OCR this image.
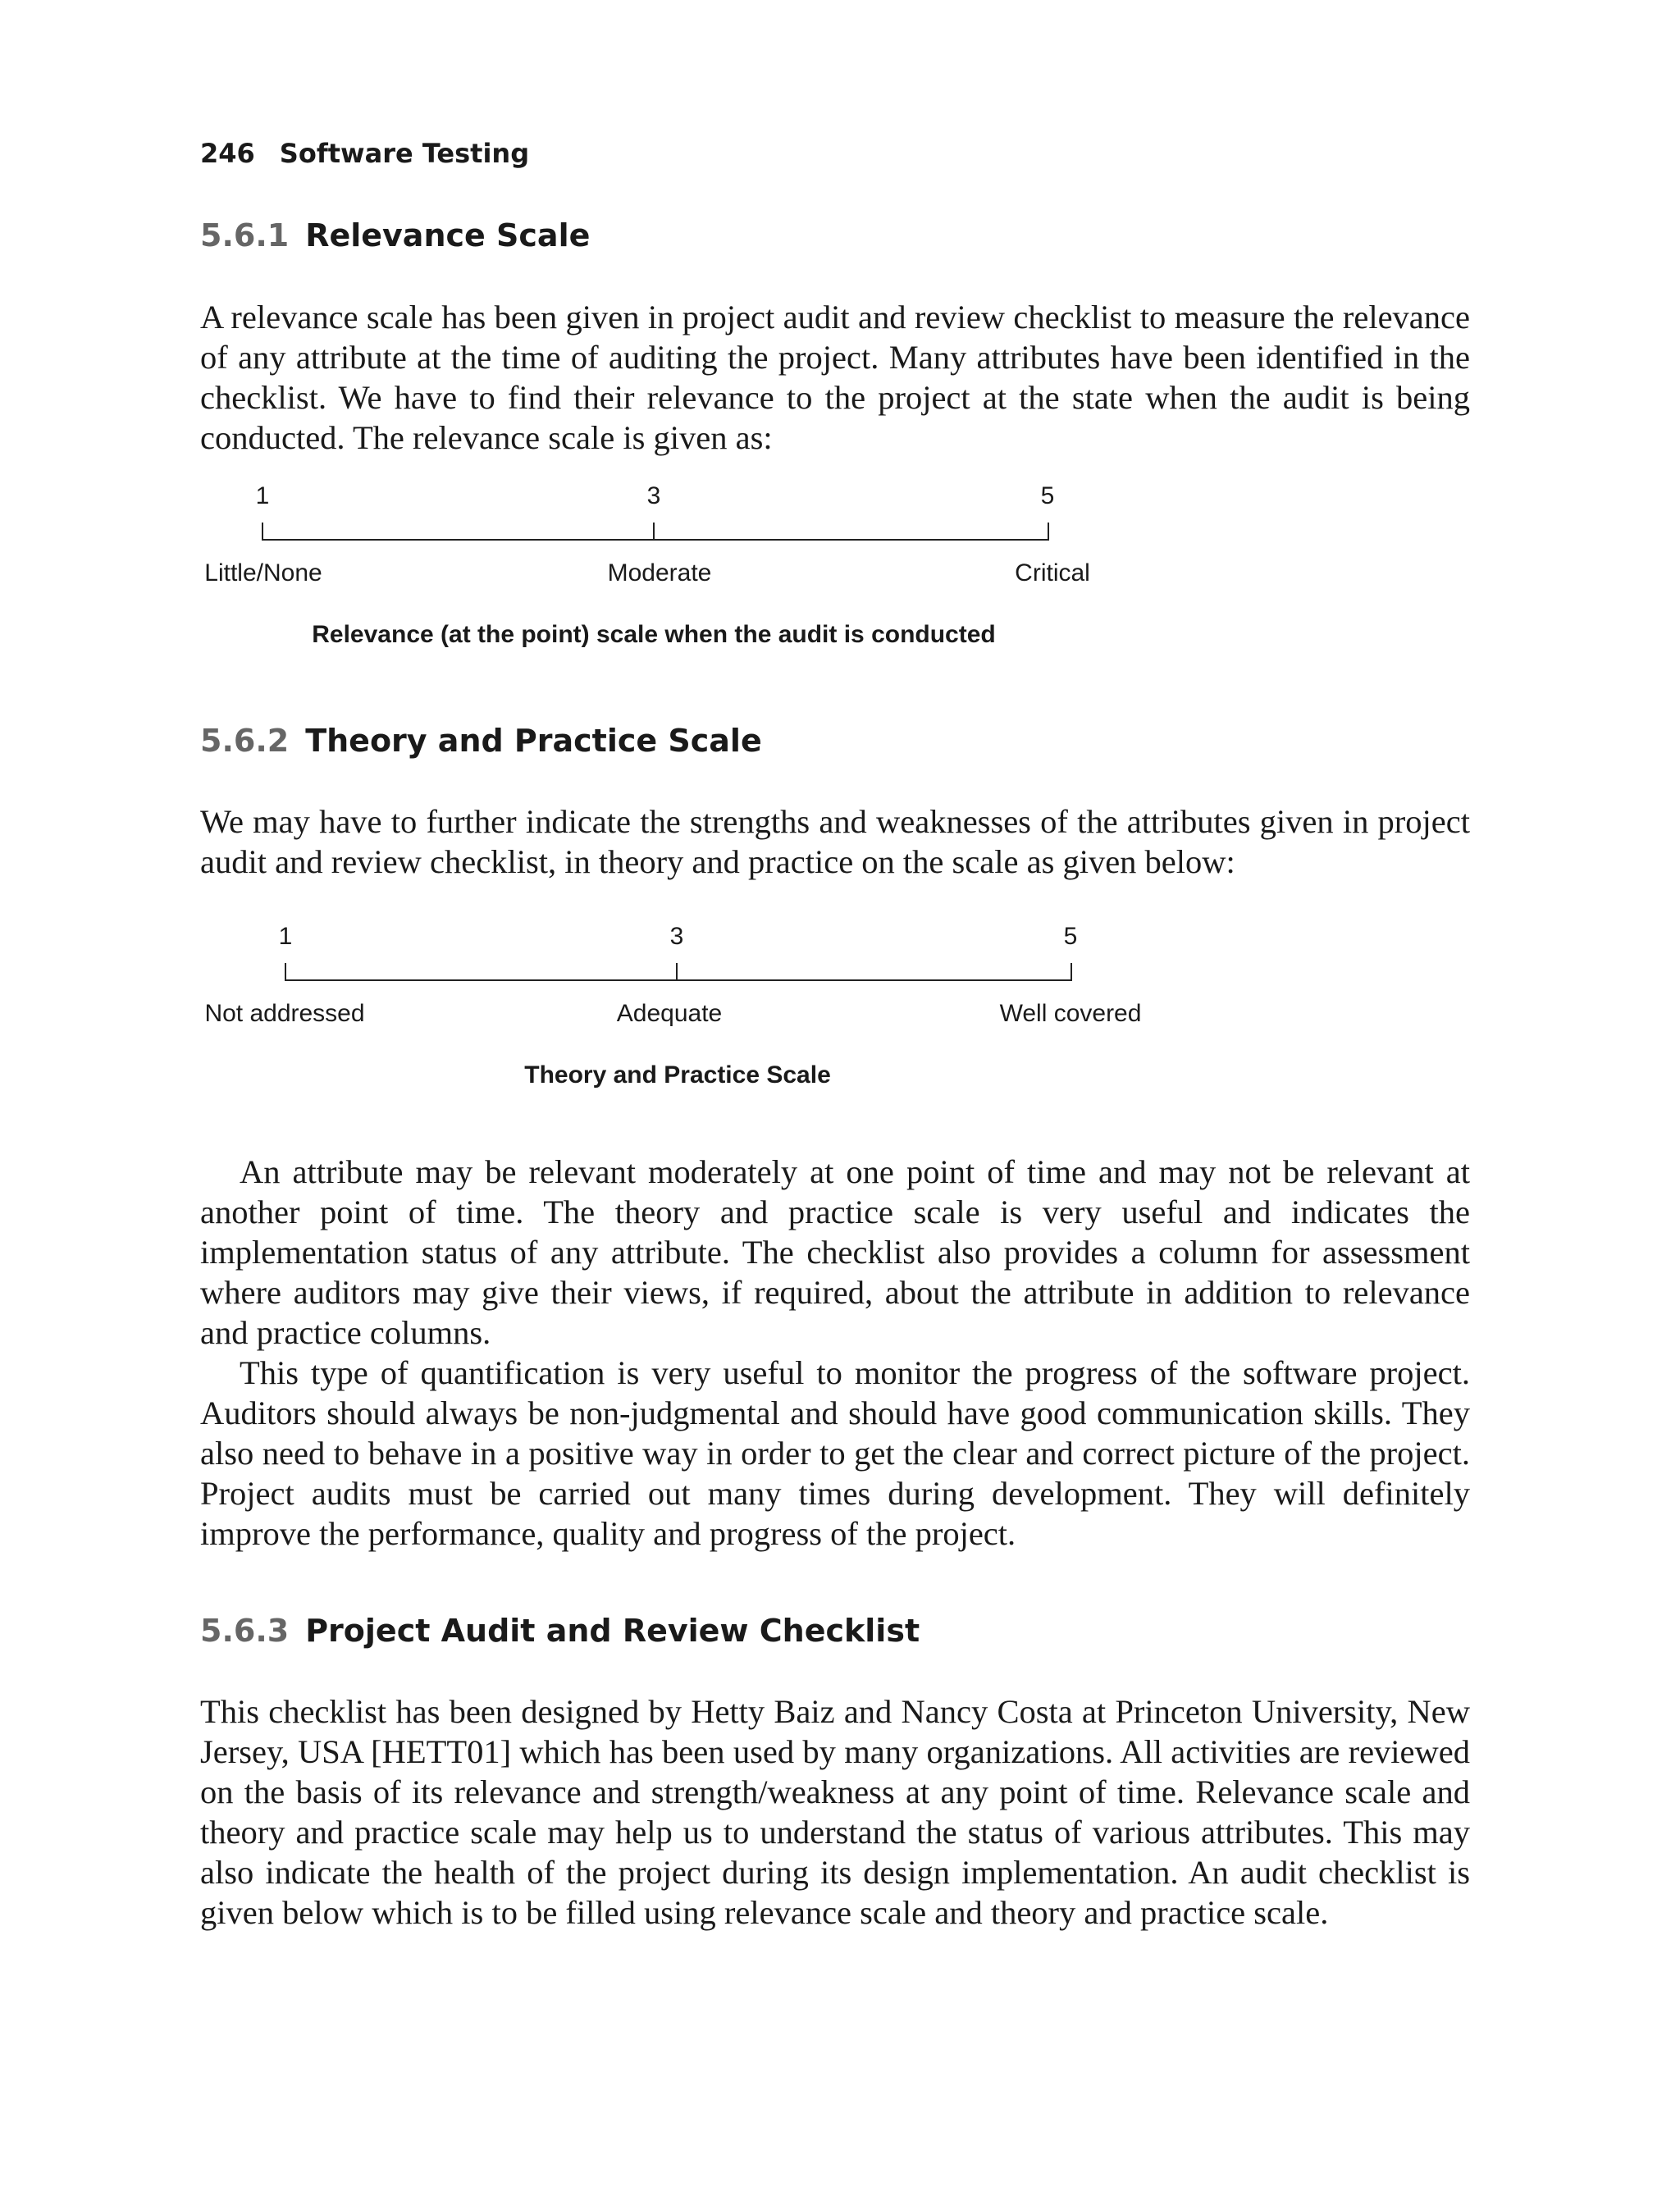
246 Software Testing
5.6.1 Relevance Scale

A relevance scale has been given in project audit and review checklist to measure the relevance of any attribute at the time of auditing the project. Many attributes have been identified in the checklist. We have to find their relevance to the project at the state when the audit is being conducted. The relevance scale is given as:

1	3	5
Little/None	Moderate	Critical
Relevance (at the point) scale when the audit is conducted
5.6.2 Theory and Practice Scale

We may have to further indicate the strengths and weaknesses of the attributes given in project audit and review checklist, in theory and practice on the scale as given below:

1	3	5
Not addressed	Adequate	Well covered
Theory and Practice Scale

An attribute may be relevant moderately at one point of time and may not be relevant at another point of time. The theory and practice scale is very useful and indicates the implementation status of any attribute. The checklist also provides a column for assessment where auditors may give their views, if required, about the attribute in addition to relevance and practice columns.

This type of quantification is very useful to monitor the progress of the software project. Auditors should always be non-judgmental and should have good communication skills. They also need to behave in a positive way in order to get the clear and correct picture of the project. Project audits must be carried out many times during development. They will definitely improve the performance, quality and progress of the project.

5.6.3 Project Audit and Review Checklist

This checklist has been designed by Hetty Baiz and Nancy Costa at Princeton University, New Jersey, USA [HETT01] which has been used by many organizations. All activities are reviewed on the basis of its relevance and strength/weakness at any point of time. Relevance scale and theory and practice scale may help us to understand the status of various attributes. This may also indicate the health of the project during its design implementation. An audit checklist is given below which is to be filled using relevance scale and theory and practice scale.
